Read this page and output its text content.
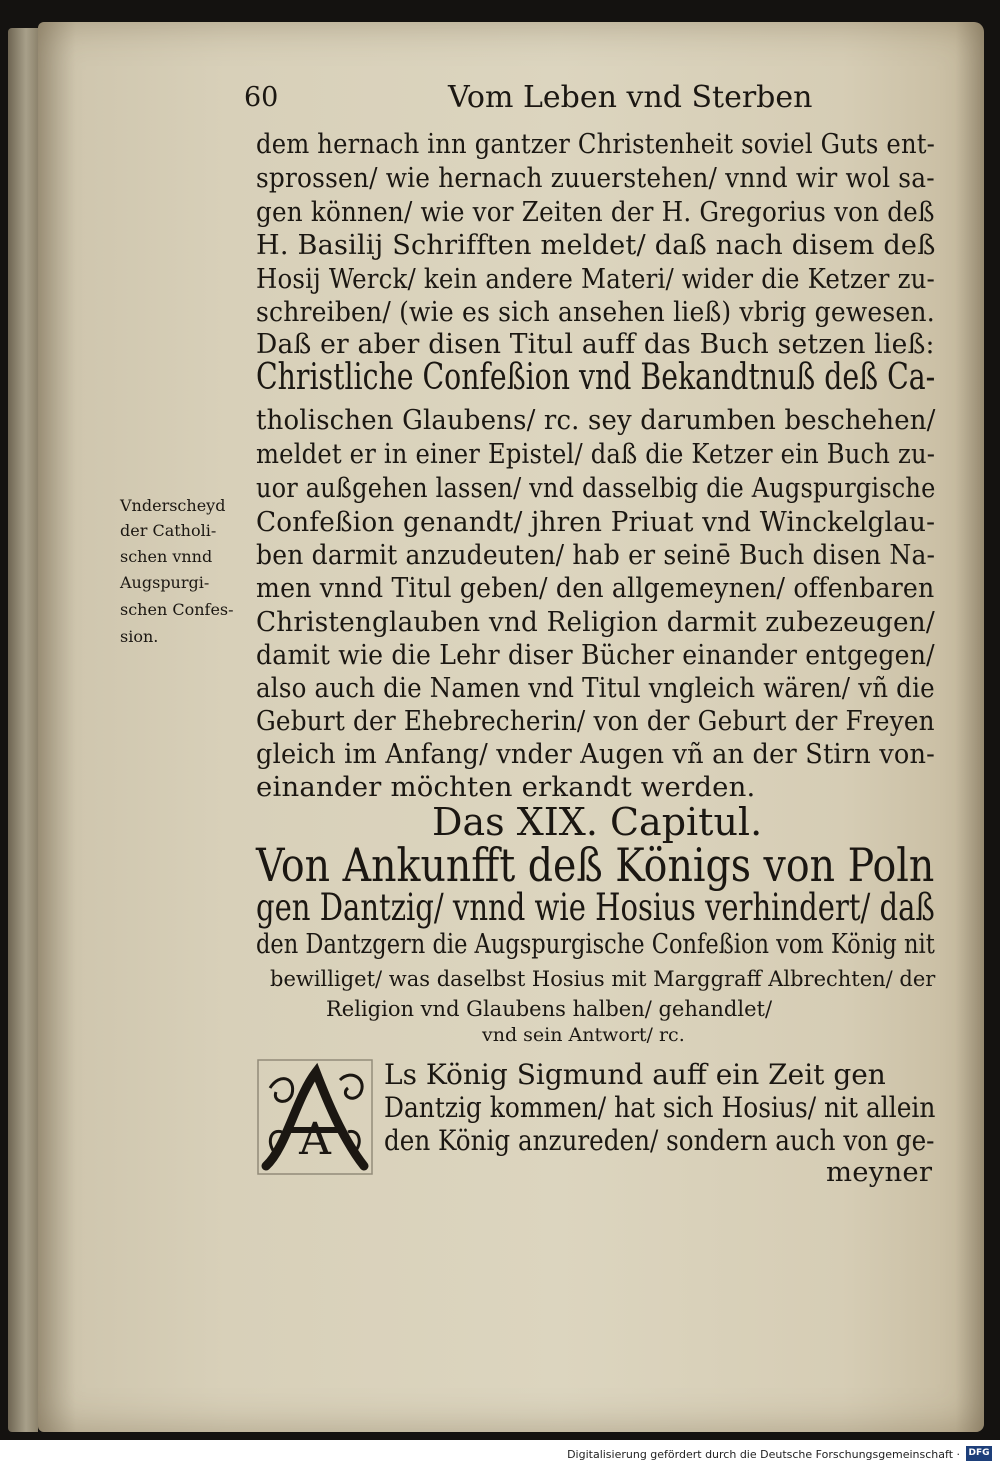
60	Vom Leben vnd Sterben
dem hernach inn gantzer Christenheit soviel Guts ent-
sprossen/ wie hernach zuuerstehen/ vnnd wir wol sa-
gen können/ wie vor Zeiten der H. Gregorius von deß
H. Basilij Schrifften meldet/ daß nach disem deß
Hosij Werck/ kein andere Materi/ wider die Ketzer zu-
schreiben/ (wie es sich ansehen ließ) vbrig gewesen.
Daß er aber disen Titul auff das Buch setzen ließ:
Christliche Confeßion vnd Bekandtnuß deß Ca-
tholischen Glaubens/ rc. sey darumben beschehen/
meldet er in einer Epistel/ daß die Ketzer ein Buch zu-
uor außgehen lassen/ vnd dasselbig die Augspurgische
Confeßion genandt/ jhren Priuat vnd Winckelglau-
ben darmit anzudeuten/ hab er seinē Buch disen Na-
men vnnd Titul geben/ den allgemeynen/ offenbaren
Christenglauben vnd Religion darmit zubezeugen/
damit wie die Lehr diser Bücher einander entgegen/
also auch die Namen vnd Titul vngleich wären/ vñ die
Geburt der Ehebrecherin/ von der Geburt der Freyen
gleich im Anfang/ vnder Augen vñ an der Stirn von-
einander möchten erkandt werden.
Vnderscheyd
der Catholi-
schen vnnd
Augspurgi-
schen Confes-
sion.
Das XIX. Capitul.
Von Ankunfft deß Königs von Poln
gen Dantzig/ vnnd wie Hosius verhindert/ daß
den Dantzgern die Augspurgische Confeßion vom König nit
bewilliget/ was daselbst Hosius mit Marggraff Albrechten/ der
Religion vnd Glaubens halben/ gehandlet/
vnd sein Antwort/ rc.
A
Ls König Sigmund auff ein Zeit gen
Dantzig kommen/ hat sich Hosius/ nit allein
den König anzureden/ sondern auch von ge-
meyner
Digitalisierung gefördert durch die Deutsche Forschungsgemeinschaft · DFG
